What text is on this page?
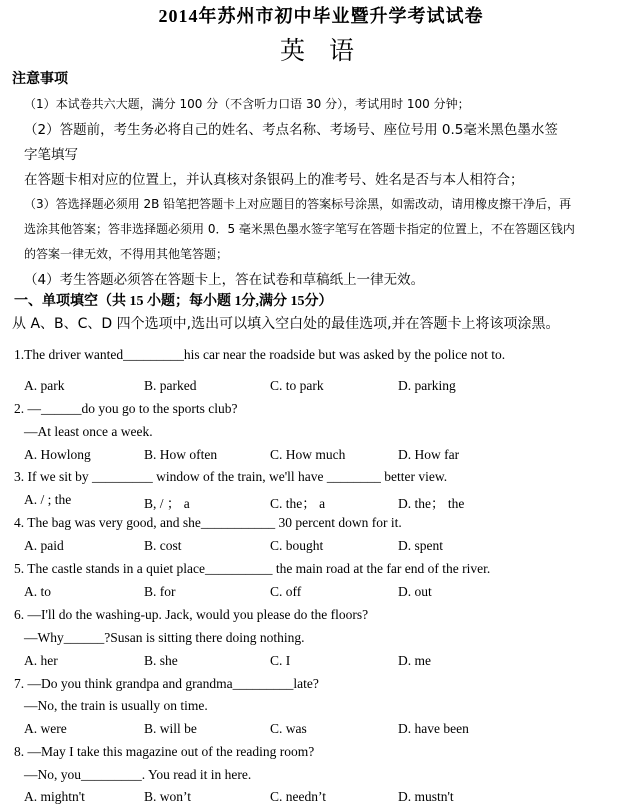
2014年苏州市初中毕业暨升学考试试卷
英 语
注意事项
（1）本试卷共六大题，满分 100 分（不含听力口语 30 分），考试用时 100 分钟；
（2）答题前，考生务必将自己的姓名、考点名称、考场号、座位号用 0.5毫米黑色墨水签
字笔填写
在答题卡相对应的位置上，并认真核对条银码上的准考号、姓名是否与本人相符合；
（3）答选择题必须用 2B 铅笔把答题卡上对应题目的答案标号涂黑，如需改动，请用橡皮擦干净后，再
选涂其他答案；答非选择题必须用 0．5 毫米黑色墨水签字笔写在答题卡指定的位置上，不在答题区钱内
的答案一律无效，不得用其他笔答题；
（4）考生答题必须答在答题卡上，答在试卷和草稿纸上一律无效。
一、单项填空（共 15 小题；每小题 1分,满分 15分）
从 A、B、C、D 四个选项中,选出可以填入空白处的最佳选项,并在答题卡上将该项涂黑。
1.The driver wanted_________his car near the roadside but was asked by the police not to.
A. park	B. parked	C. to park	D. parking
2. —______do you go to the sports club?
—At least once a week.
A. Howlong	B. How often	C. How much	D. How far
3. If we sit by _________ window of the train, we'll have ________ better view.
A. / ; the	B, / ； a	C. the； a	D. the； the
4. The bag was very good, and she___________ 30 percent down for it.
A. paid	B. cost	C. bought	D. spent
5. The castle stands in a quiet place__________ the main road at the far end of the river.
A. to	B. for	C. off	D. out
6. —I'll do the washing-up. Jack, would you please do the floors?
—Why______?Susan is sitting there doing nothing.
A. her	B. she	C. I	D. me
7. —Do you think grandpa and grandma_________late?
—No, the train is usually on time.
A. were	B. will be	C. was	D. have been
8. —May I take this magazine out of the reading room?
—No, you_________. You read it in here.
A. mightn't	B. won’t	C. needn’t	D. mustn't
